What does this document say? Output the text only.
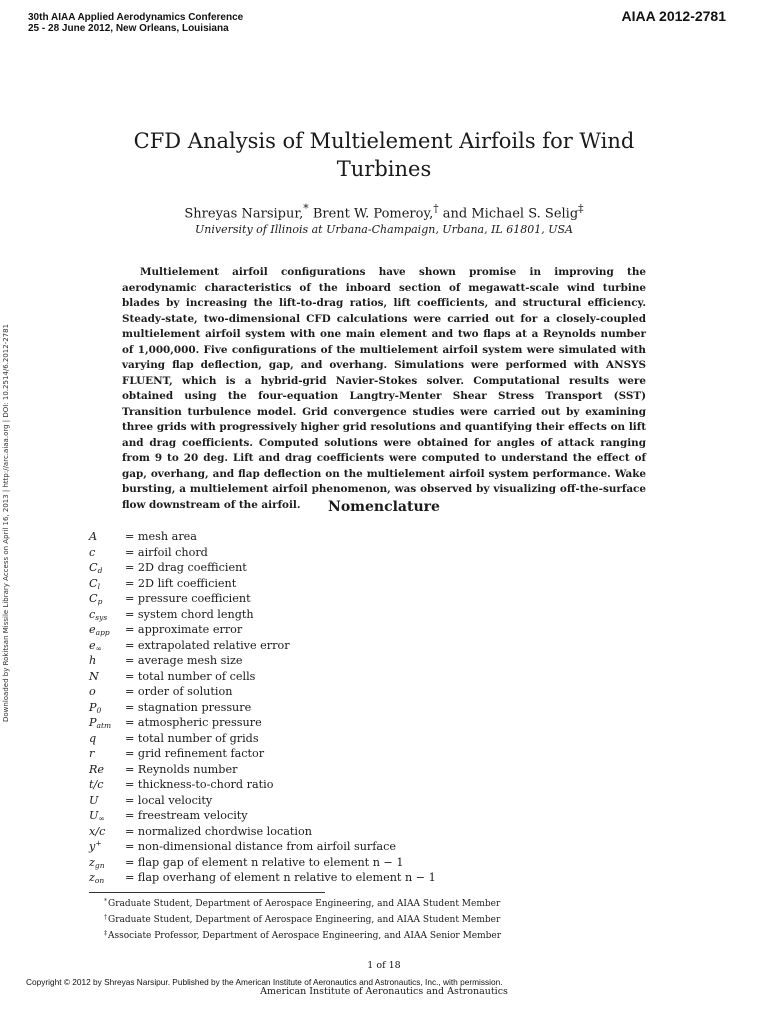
30th AIAA Applied Aerodynamics Conference
25 - 28 June 2012, New Orleans, Louisiana
AIAA 2012-2781
Downloaded by Rokitsan Missile Library Access on April 16, 2013 | http://arc.aiaa.org | DOI: 10.2514/6.2012-2781
CFD Analysis of Multielement Airfoils for Wind Turbines
Shreyas Narsipur,* Brent W. Pomeroy,† and Michael S. Selig‡
University of Illinois at Urbana-Champaign, Urbana, IL 61801, USA

Multielement airfoil configurations have shown promise in improving the aerodynamic characteristics of the inboard section of megawatt-scale wind turbine blades by increasing the lift-to-drag ratios, lift coefficients, and structural efficiency. Steady-state, two-dimensional CFD calculations were carried out for a closely-coupled multielement airfoil system with one main element and two flaps at a Reynolds number of 1,000,000. Five configurations of the multielement airfoil system were simulated with varying flap deflection, gap, and overhang. Simulations were performed with ANSYS FLUENT, which is a hybrid-grid Navier-Stokes solver. Computational results were obtained using the four-equation Langtry-Menter Shear Stress Transport (SST) Transition turbulence model. Grid convergence studies were carried out by examining three grids with progressively higher grid resolutions and quantifying their effects on lift and drag coefficients. Computed solutions were obtained for angles of attack ranging from 9 to 20 deg. Lift and drag coefficients were computed to understand the effect of gap, overhang, and flap deflection on the multielement airfoil system performance. Wake bursting, a multielement airfoil phenomenon, was observed by visualizing off-the-surface flow downstream of the airfoil.	Nomenclature
A	= mesh area
c	= airfoil chord
$C_d$	= 2D drag coefficient
$C_l$	= 2D lift coefficient
$C_p$	= pressure coefficient
$c_{sys}$	= system chord length
$e_{app}$	= approximate error
$e_\infty$	= extrapolated relative error
h	= average mesh size
N	= total number of cells
o	= order of solution
$P_0$	= stagnation pressure
$P_{atm}$	= atmospheric pressure
q	= total number of grids
r	= grid refinement factor
Re	= Reynolds number
t/c	= thickness-to-chord ratio
U	= local velocity
$U_\infty$	= freestream velocity
x/c	= normalized chordwise location
y+	= non-dimensional distance from airfoil surface
$z_{gn}$	= flap gap of element n relative to element n − 1
$z_{on}$	= flap overhang of element n relative to element n − 1
*Graduate Student, Department of Aerospace Engineering, and AIAA Student Member
†Graduate Student, Department of Aerospace Engineering, and AIAA Student Member
‡Associate Professor, Department of Aerospace Engineering, and AIAA Senior Member
1 of 18
Copyright © 2012 by Shreyas Narsipur. Published by the American Institute of Aeronautics and Astronautics, Inc., with permission.
American Institute of Aeronautics and Astronautics
